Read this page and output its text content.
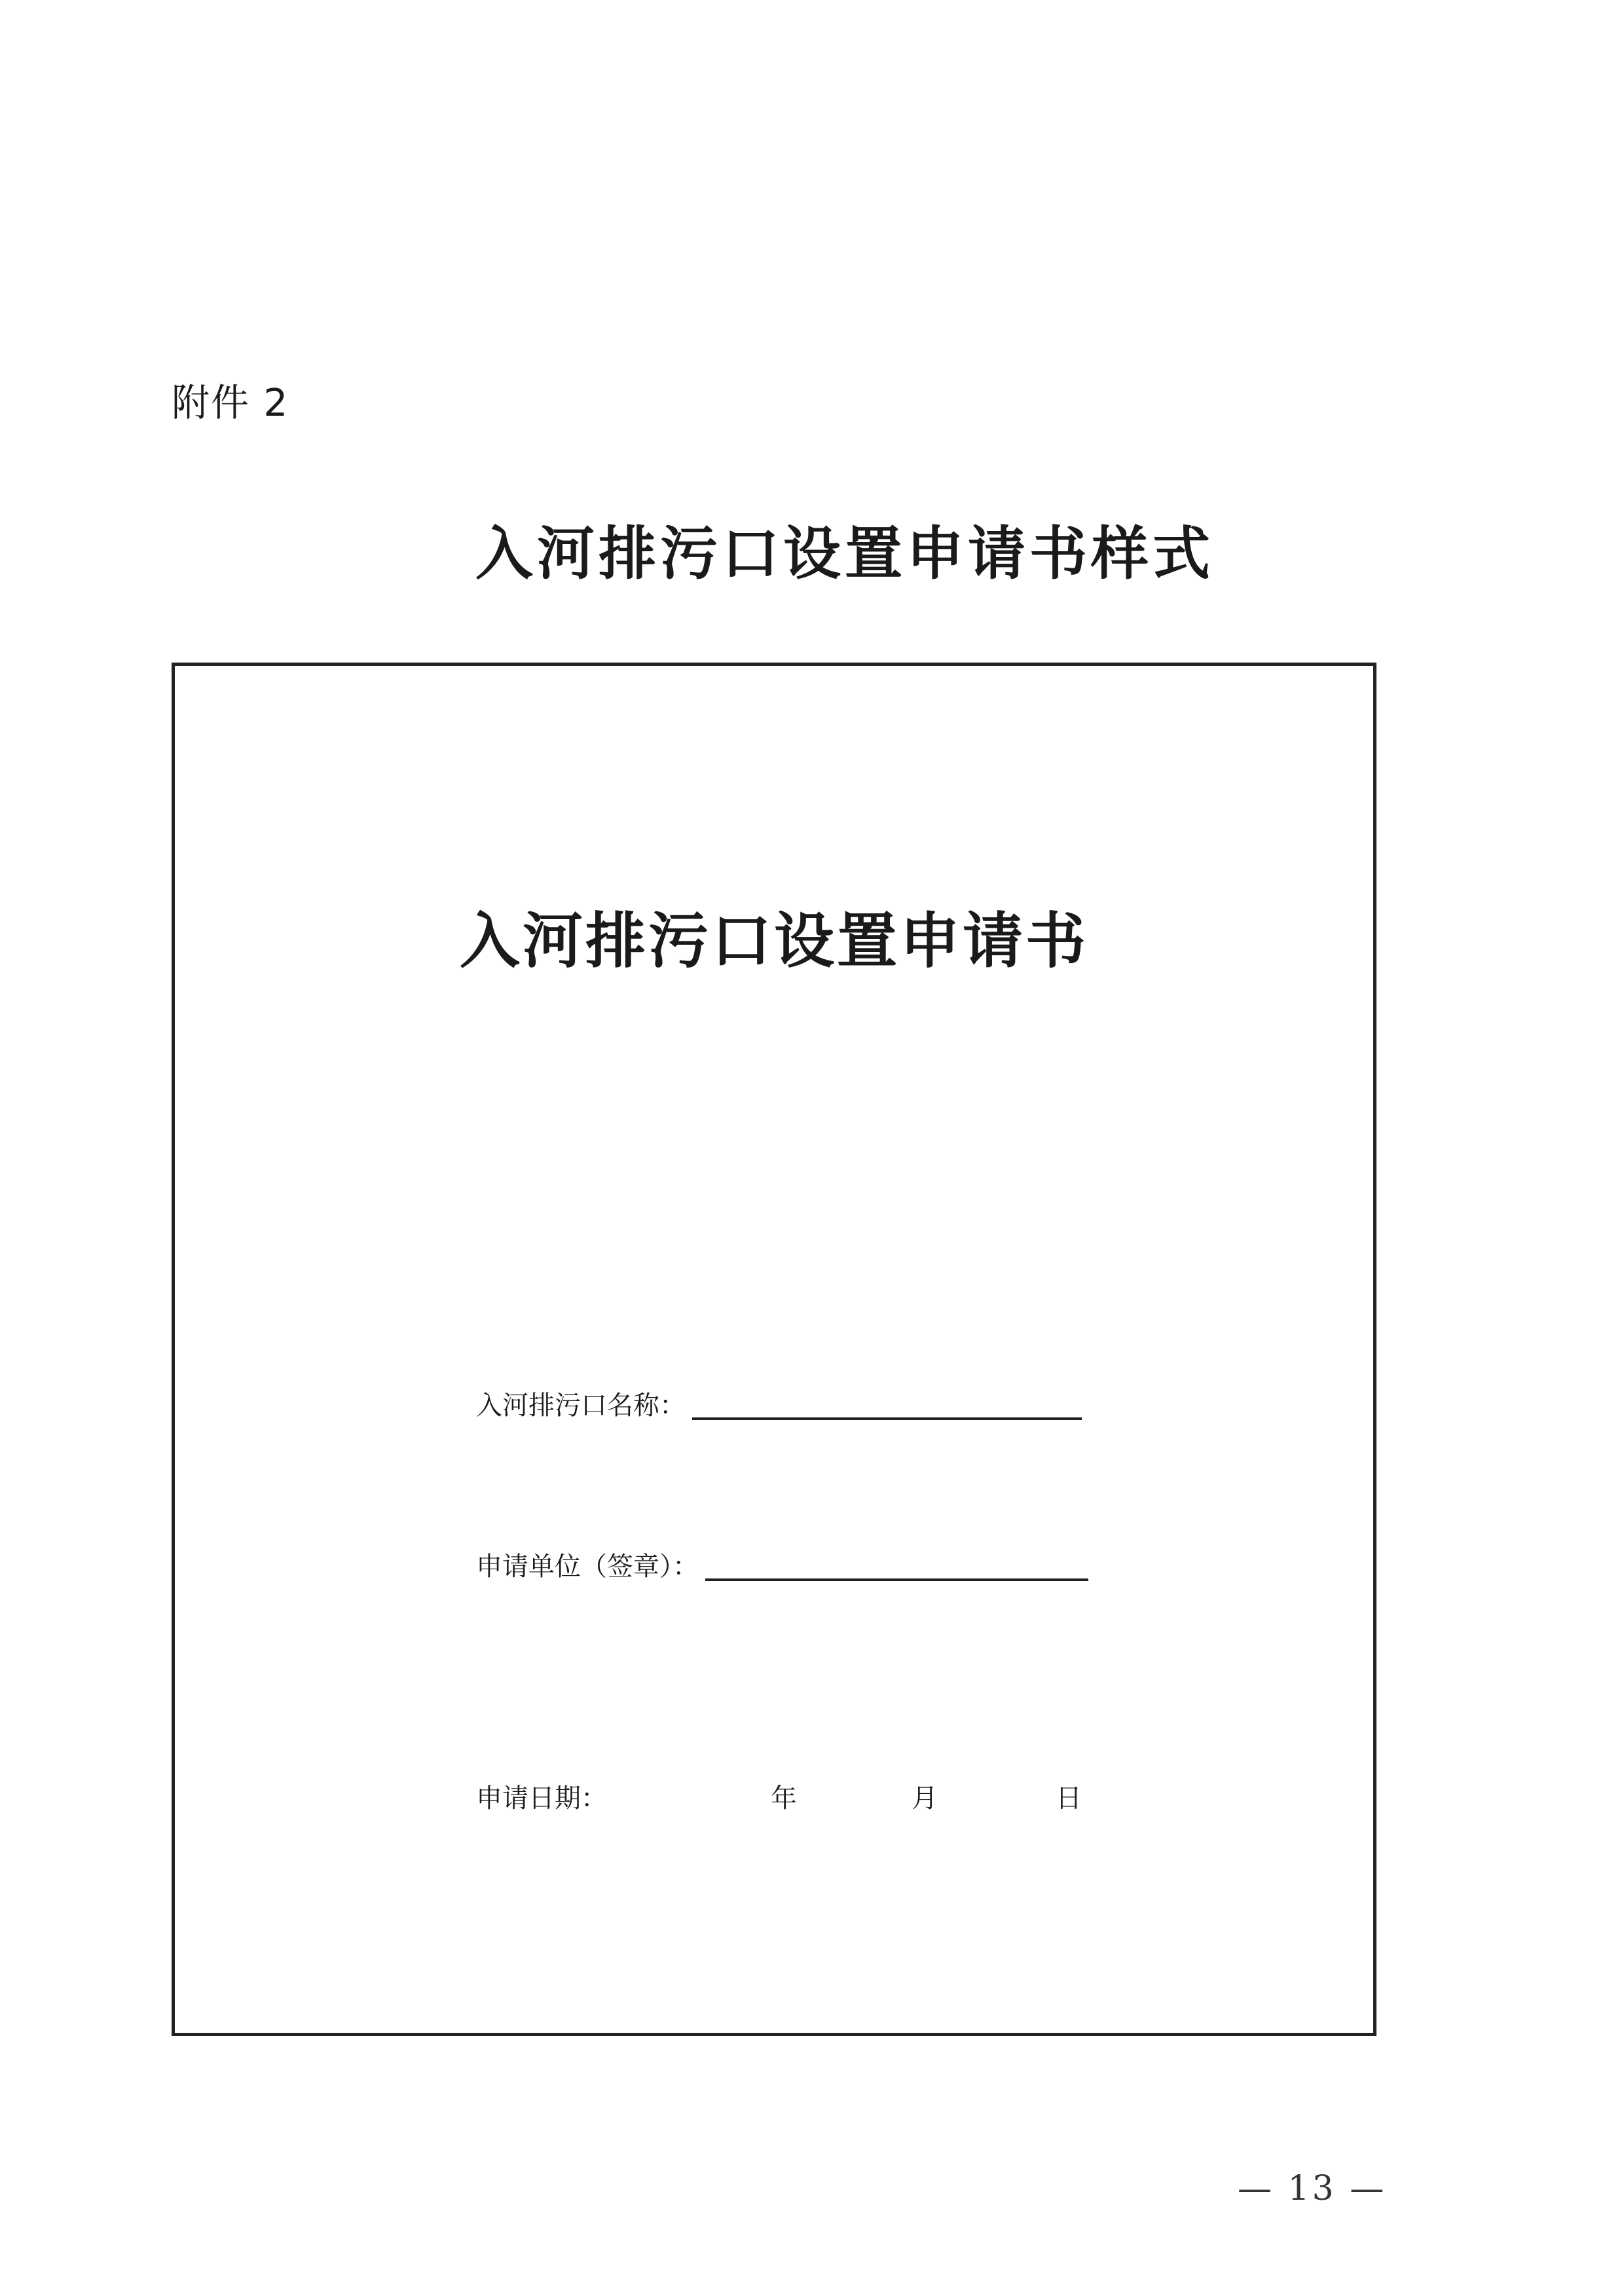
附件 2
入河排污口设置申请书样式
入河排污口设置申请书
入河排污口名称：
申请单位（签章）：
申请日期：	年	月	日
— 13 —
